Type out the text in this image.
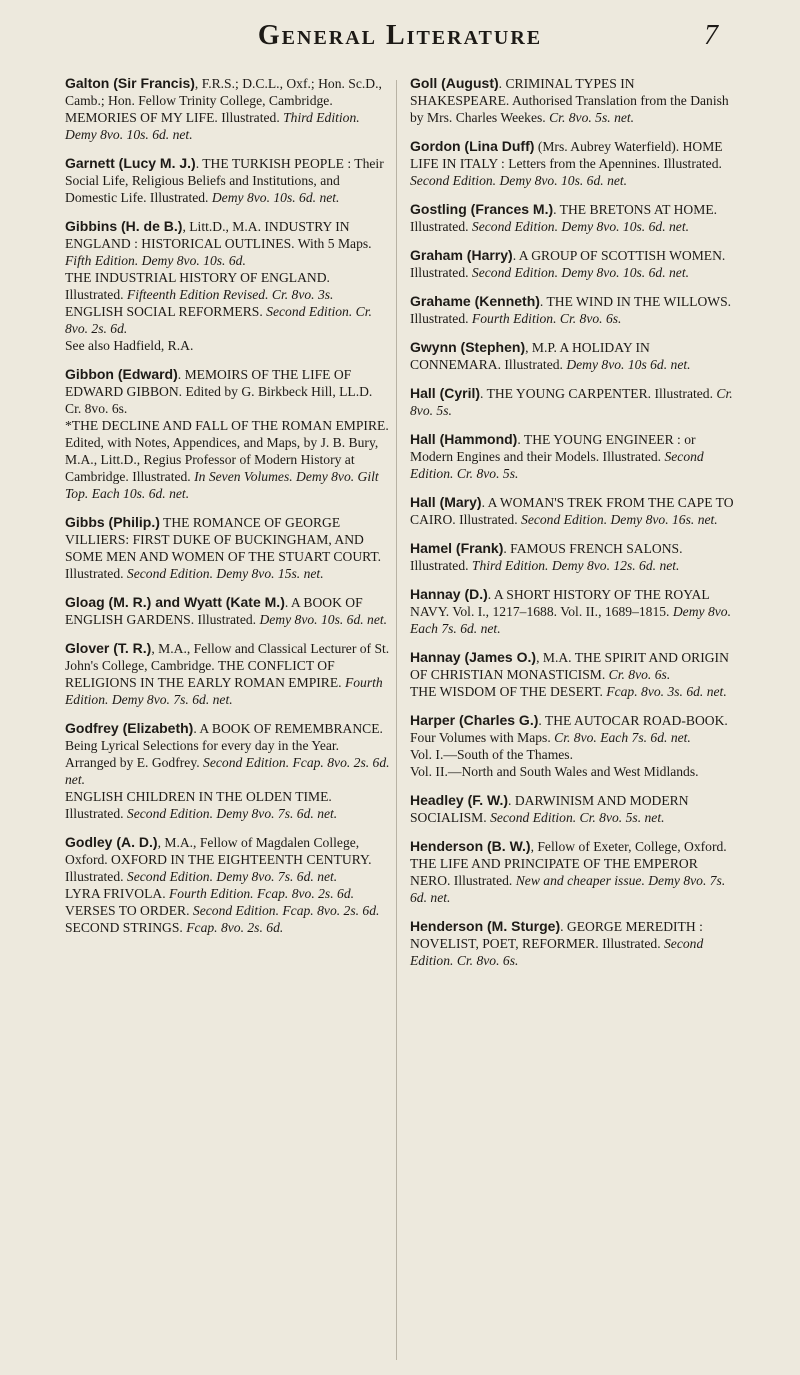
General Literature	7

Galton (Sir Francis), F.R.S.; D.C.L., Oxf.; Hon. Sc.D., Camb.; Hon. Fellow Trinity College, Cambridge. MEMORIES OF MY LIFE. Illustrated. Third Edition. Demy 8vo. 10s. 6d. net.

Garnett (Lucy M. J.). THE TURKISH PEOPLE : Their Social Life, Religious Beliefs and Institutions, and Domestic Life. Illustrated. Demy 8vo. 10s. 6d. net.

Gibbins (H. de B.), Litt.D., M.A. INDUSTRY IN ENGLAND : HISTORICAL OUTLINES. With 5 Maps. Fifth Edition. Demy 8vo. 10s. 6d.

THE INDUSTRIAL HISTORY OF ENGLAND. Illustrated. Fifteenth Edition Revised. Cr. 8vo. 3s.

ENGLISH SOCIAL REFORMERS. Second Edition. Cr. 8vo. 2s. 6d.

See also Hadfield, R.A.

Gibbon (Edward). MEMOIRS OF THE LIFE OF EDWARD GIBBON. Edited by G. Birkbeck Hill, LL.D. Cr. 8vo. 6s.

*THE DECLINE AND FALL OF THE ROMAN EMPIRE. Edited, with Notes, Appendices, and Maps, by J. B. Bury, M.A., Litt.D., Regius Professor of Modern History at Cambridge. Illustrated. In Seven Volumes. Demy 8vo. Gilt Top. Each 10s. 6d. net.

Gibbs (Philip.) THE ROMANCE OF GEORGE VILLIERS: FIRST DUKE OF BUCKINGHAM, AND SOME MEN AND WOMEN OF THE STUART COURT. Illustrated. Second Edition. Demy 8vo. 15s. net.

Gloag (M. R.) and Wyatt (Kate M.). A BOOK OF ENGLISH GARDENS. Illustrated. Demy 8vo. 10s. 6d. net.

Glover (T. R.), M.A., Fellow and Classical Lecturer of St. John's College, Cambridge. THE CONFLICT OF RELIGIONS IN THE EARLY ROMAN EMPIRE. Fourth Edition. Demy 8vo. 7s. 6d. net.

Godfrey (Elizabeth). A BOOK OF REMEMBRANCE. Being Lyrical Selections for every day in the Year. Arranged by E. Godfrey. Second Edition. Fcap. 8vo. 2s. 6d. net.

ENGLISH CHILDREN IN THE OLDEN TIME. Illustrated. Second Edition. Demy 8vo. 7s. 6d. net.

Godley (A. D.), M.A., Fellow of Magdalen College, Oxford. OXFORD IN THE EIGHTEENTH CENTURY. Illustrated. Second Edition. Demy 8vo. 7s. 6d. net.

LYRA FRIVOLA. Fourth Edition. Fcap. 8vo. 2s. 6d.

VERSES TO ORDER. Second Edition. Fcap. 8vo. 2s. 6d.

SECOND STRINGS. Fcap. 8vo. 2s. 6d.

Goll (August). CRIMINAL TYPES IN SHAKESPEARE. Authorised Translation from the Danish by Mrs. Charles Weekes. Cr. 8vo. 5s. net.

Gordon (Lina Duff) (Mrs. Aubrey Waterfield). HOME LIFE IN ITALY : Letters from the Apennines. Illustrated. Second Edition. Demy 8vo. 10s. 6d. net.

Gostling (Frances M.). THE BRETONS AT HOME. Illustrated. Second Edition. Demy 8vo. 10s. 6d. net.

Graham (Harry). A GROUP OF SCOTTISH WOMEN. Illustrated. Second Edition. Demy 8vo. 10s. 6d. net.

Grahame (Kenneth). THE WIND IN THE WILLOWS. Illustrated. Fourth Edition. Cr. 8vo. 6s.

Gwynn (Stephen), M.P. A HOLIDAY IN CONNEMARA. Illustrated. Demy 8vo. 10s 6d. net.

Hall (Cyril). THE YOUNG CARPENTER. Illustrated. Cr. 8vo. 5s.

Hall (Hammond). THE YOUNG ENGINEER : or Modern Engines and their Models. Illustrated. Second Edition. Cr. 8vo. 5s.

Hall (Mary). A WOMAN'S TREK FROM THE CAPE TO CAIRO. Illustrated. Second Edition. Demy 8vo. 16s. net.

Hamel (Frank). FAMOUS FRENCH SALONS. Illustrated. Third Edition. Demy 8vo. 12s. 6d. net.

Hannay (D.). A SHORT HISTORY OF THE ROYAL NAVY. Vol. I., 1217–1688. Vol. II., 1689–1815. Demy 8vo. Each 7s. 6d. net.

Hannay (James O.), M.A. THE SPIRIT AND ORIGIN OF CHRISTIAN MONASTICISM. Cr. 8vo. 6s.

THE WISDOM OF THE DESERT. Fcap. 8vo. 3s. 6d. net.

Harper (Charles G.). THE AUTOCAR ROAD-BOOK. Four Volumes with Maps. Cr. 8vo. Each 7s. 6d. net.

Vol. I.—South of the Thames.

Vol. II.—North and South Wales and West Midlands.

Headley (F. W.). DARWINISM AND MODERN SOCIALISM. Second Edition. Cr. 8vo. 5s. net.

Henderson (B. W.), Fellow of Exeter, College, Oxford. THE LIFE AND PRINCIPATE OF THE EMPEROR NERO. Illustrated. New and cheaper issue. Demy 8vo. 7s. 6d. net.

Henderson (M. Sturge). GEORGE MEREDITH : NOVELIST, POET, REFORMER. Illustrated. Second Edition. Cr. 8vo. 6s.
